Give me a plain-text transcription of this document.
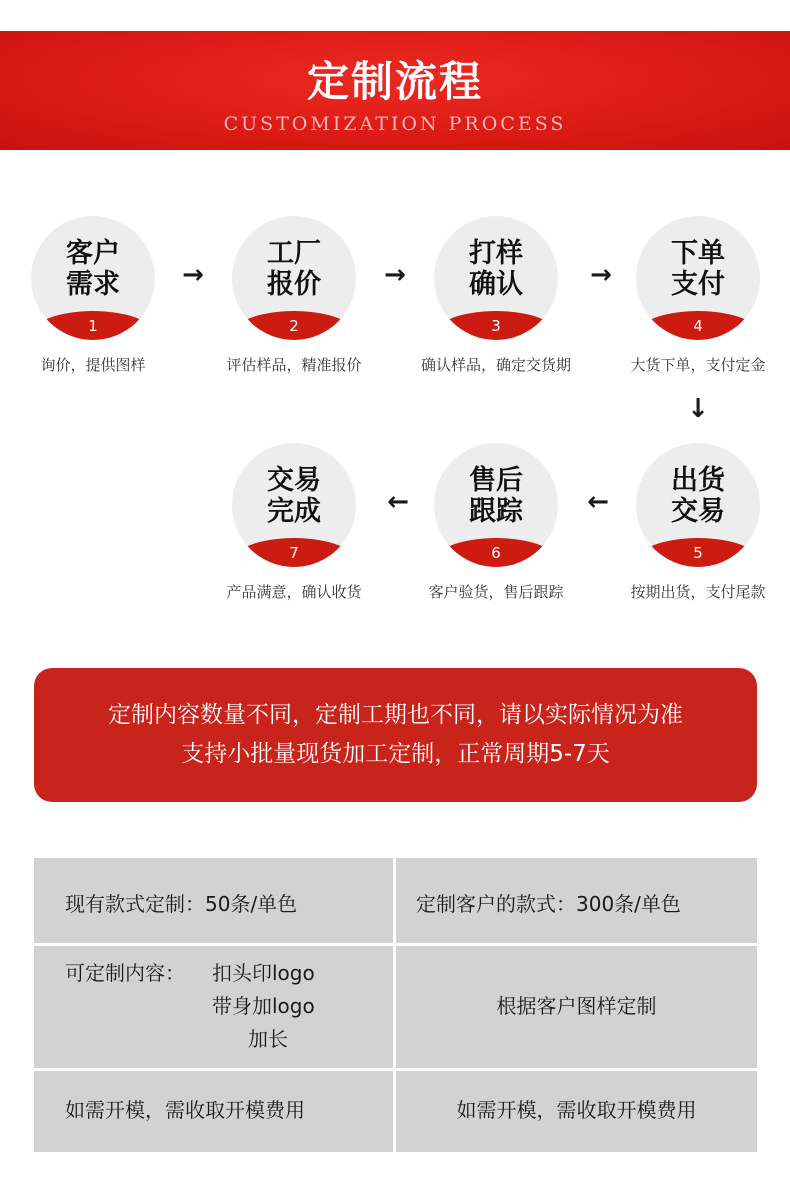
定制流程
CUSTOMIZATION PROCESS
客户
需求
1
询价，提供图样
→
工厂
报价
2
评估样品，精准报价
→
打样
确认
3
确认样品，确定交货期
→
下单
支付
4
大货下单，支付定金
↓
出货
交易
5
按期出货，支付尾款
←
售后
跟踪
6
客户验货，售后跟踪
←
交易
完成
7
产品满意，确认收货
定制内容数量不同，定制工期也不同，请以实际情况为准
支持小批量现货加工定制，正常周期5-7天
现有款式定制：50条/单色	定制客户的款式：300条/单色
可定制内容： 扣头印logo
带身加logo
加长
根据客户图样定制
如需开模，需收取开模费用	如需开模，需收取开模费用
